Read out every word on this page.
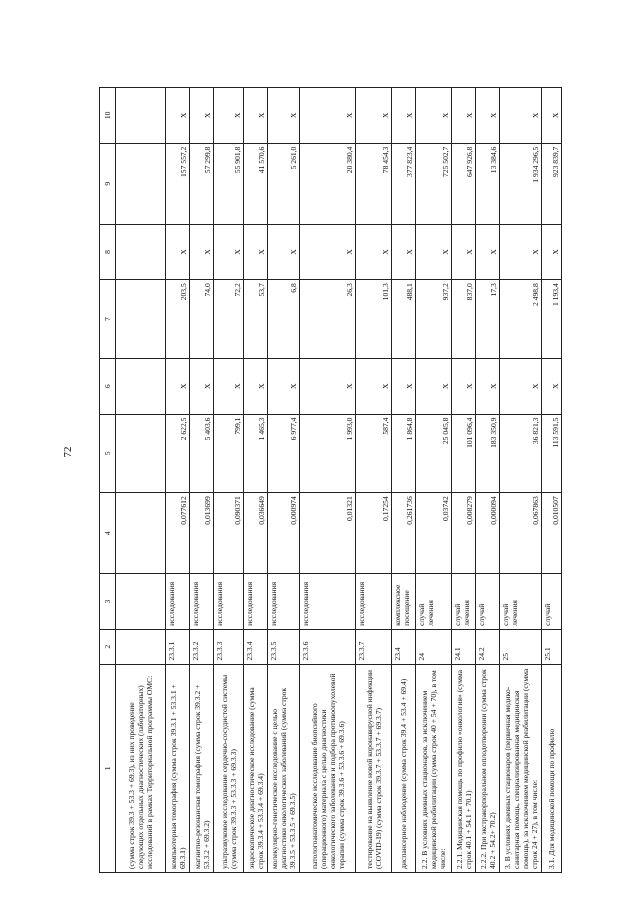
72
1	2	3	4	5	6	7	8	9	10
(сумма строк 39.3 + 53.3 + 69.3), из них проведение следующих отдельных диагностических (лабораторных) исследований в рамках Территориальной программы ОМС:									
компьютерная томография (сумма строк 39.3.1 + 53.3.1 + 69.3.1)	23.3.1	исследования	0,077612	2 622,5	X	203,5	X	157 557,2	X
магнитно-резонансная томография (сумма строк 39.3.2 + 53.3.2 + 69.3.2)	23.3.2	исследования	0,013699	5 403,6	X	74,0	X	57 299,8	X
ультразвуковое исследование сердечно-сосудистой системы (сумма строк 39.3.3 + 53.3.3 + 69.3.3)	23.3.3	исследования	0,090371	799,1	X	72,2	X	55 901,8	X
эндоскопическое диагностическое исследование (сумма строк 39.3.4 + 53.3.4 + 69.3.4)	23.3.4	исследования	0,036649	1 465,3	X	53,7	X	41 570,6	X
молекулярно-генетическое исследование с целью диагностики онкологических заболеваний (сумма строк 39.3.5 + 53.3.5 + 69.3.5)	23.3.5	исследования	0,000974	6 977,4	X	6,8	X	5 261,0	X
патологоанатомическое исследование биопсийного (операционного) материала с целью диагностики онкологического заболевания и подбора противоопухолевой терапии (сумма строк 39.3.6 + 53.3.6 + 69.3.6)	23.3.6	исследования	0,01321	1 993,0	X	26,3	X	20 380,4	X
тестирование на выявление новой коронавирусной инфекции (COVID-19) (сумма строк 39.3.7 + 53.3.7 + 69.3.7)	23.3.7	исследования	0,17254	587,4	X	101,3	X	78 454,3	X
диспансерное наблюдение (сумма строк 39.4 + 53.4 + 69.4)	23.4	комплексное посещение	0,261736	1 864,8	X	488,1	X	377 823,4	X
2.2. В условиях дневных стационаров, за исключением медицинской реабилитации (сумма строк 40 + 54 + 70), в том числе:	24	случай лечения	0,03742	25 045,8	X	937,2	X	725 502,7	X
2.2.1. Медицинская помощь по профилю «онкология» (сумма строк 40.1 + 54.1 + 70.1)	24.1	случай лечения	0,008279	101 096,4	X	837,0	X	647 926,8	X
2.2.2. При экстракорпоральном оплодотворении (сумма строк 40.2 + 54.2+ 70.2)	24.2	случай	0,000094	183 350,9	X	17,3	X	13 384,6	X
3. В условиях дневных стационаров (первичная медико-санитарная помощь, специализированная медицинская помощь), за исключением медицинской реабилитации (сумма строк 24 + 27), в том числе:	25	случай лечения	0,067863	36 821,3	X	2 498,8	X	1 934 296,5	X
3.1. Для медицинской помощи по профилю	25.1	случай	0,010507	113 591,5	X	1 193,4	X	923 839,7	X
